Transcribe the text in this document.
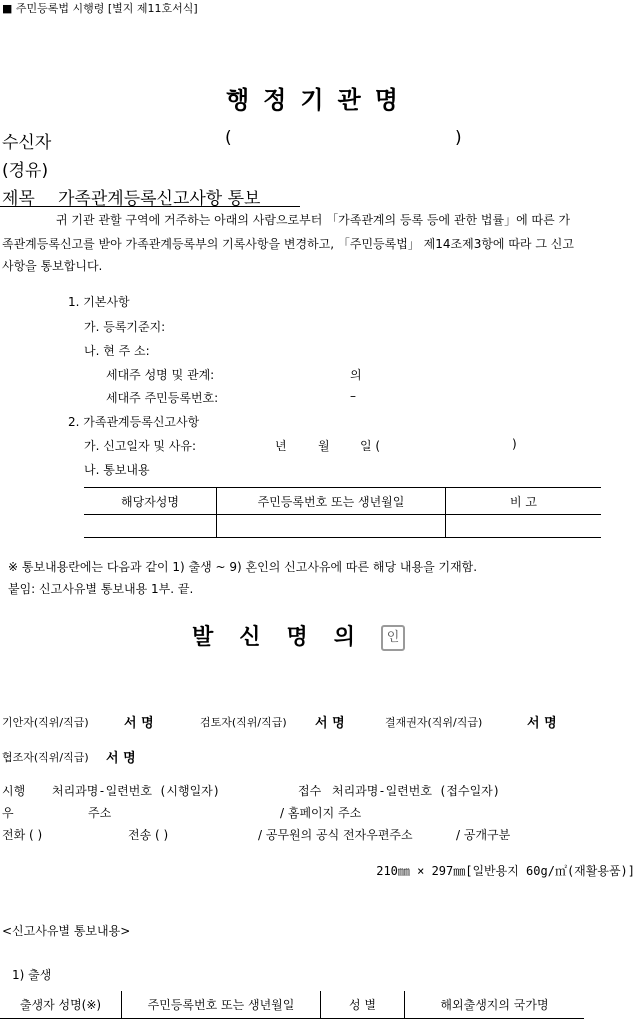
■ 주민등록법 시행령 [별지 제11호서식]
행정기관명
수신자	(	)
(경유)
제목 가족관계등록신고사항 통보
귀 기관 관할 구역에 거주하는 아래의 사람으로부터 「가족관계의 등록 등에 관한 법률」에 따른 가
족관계등록신고를 받아 가족관계등록부의 기록사항을 변경하고, 「주민등록법」 제14조제3항에 따라 그 신고
사항을 통보합니다.
1. 기본사항
가. 등록기준지:
나. 현 주 소:
세대주 성명 및 관계:	의
세대주 주민등록번호:	–
2. 가족관계등록신고사항
가. 신고일자 및 사유:	년	월	일 (	)
나. 통보내용
해당자성명	주민등록번호 또는 생년월일	비 고

※ 통보내용란에는 다음과 같이 1) 출생 ~ 9) 혼인의 신고사유에 따른 해당 내용을 기재함.
붙임: 신고사유별 통보내용 1부. 끝.
발신명의 인
기안자(직위/직급)	서 명	검토자(직위/직급) 서 명	결재권자(직위/직급)	서 명
협조자(직위/직급) 서 명
시행 처리과명-일련번호 (시행일자)	접수 처리과명-일련번호 (접수일자)
우	주소	/ 홈페이지 주소
전화 ( )	전송 ( )	/ 공무원의 공식 전자우편주소	/ 공개구분
210㎜ × 297㎜[일반용지 60g/㎡(재활용품)]
<신고사유별 통보내용>
1) 출생
출생자 성명(※)	주민등록번호 또는 생년월일	성 별	해외출생지의 국가명
